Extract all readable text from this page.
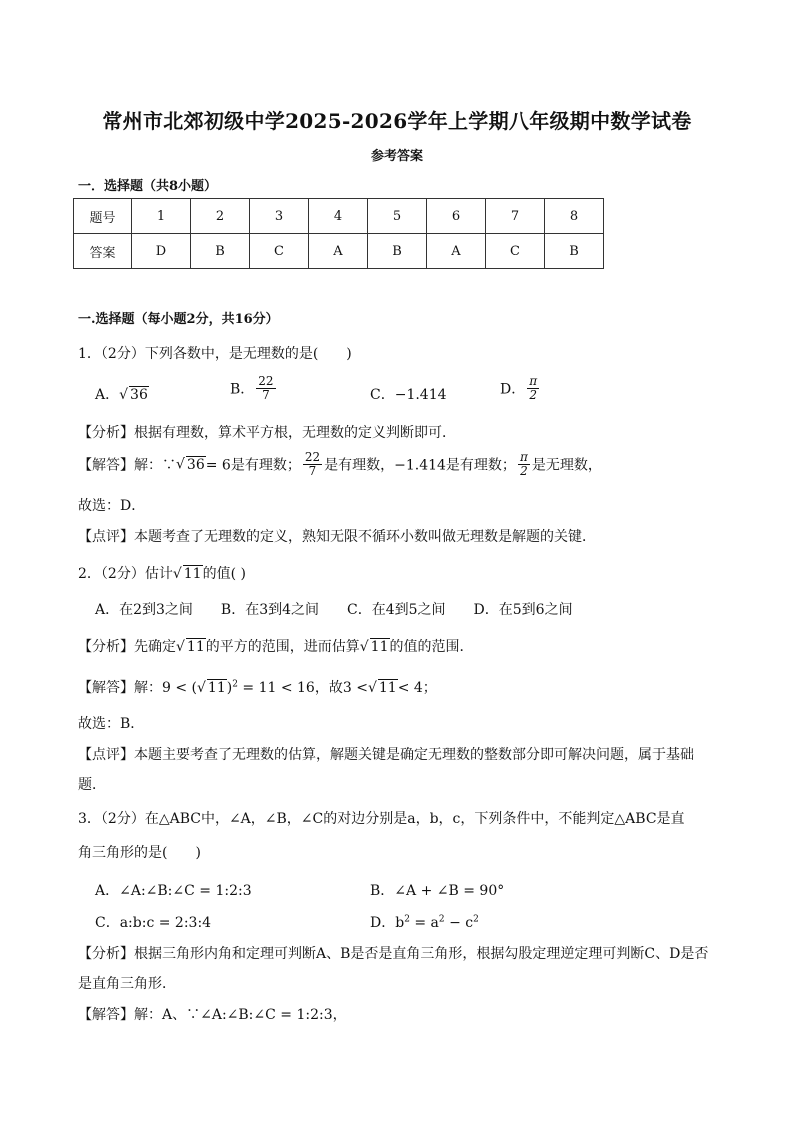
常州市北郊初级中学2025-2026学年上学期八年级期中数学试卷
参考答案
一．选择题（共8小题）
题号	1	2	3	4	5	6	7	8
答案	D	B	C	A	B	A	C	B
一.选择题（每小题2分，共16分）
1．（2分）下列各数中，是无理数的是(　　)
A．√ 36	B． $\frac{22}{7}$	C．−1.414	D． $\frac{\pi}{2}$
【分析】根据有理数，算术平方根，无理数的定义判断即可．
【解答】解：∵√ 36= 6是有理数； $\frac{22}{7}$ 是有理数，−1.414是有理数； $\frac{\pi}{2}$ 是无理数，
故选：D．
【点评】本题考查了无理数的定义，熟知无限不循环小数叫做无理数是解题的关键．
2．（2分）估计√ 11的值( )
A．在2到3之间　　B．在3到4之间　　C．在4到5之间　　D．在5到6之间
【分析】先确定√ 11的平方的范围，进而估算√ 11的值的范围．
【解答】解：9 < (√ 11)$^2$ = 11 < 16，故3 <√ 11< 4；
故选：B．
【点评】本题主要考查了无理数的估算，解题关键是确定无理数的整数部分即可解决问题，属于基础
题．
3．（2分）在△ABC中，∠A，∠B，∠C的对边分别是a，b，c，下列条件中，不能判定△ABC是直
角三角形的是(　　)
A．∠A:∠B:∠C = 1:2:3	B．∠A + ∠B = 90°
C．a:b:c = 2:3:4	D．$b^2 = a^2 - c^2$
【分析】根据三角形内角和定理可判断A、B是否是直角三角形，根据勾股定理逆定理可判断C、D是否
是直角三角形．
【解答】解：A、∵∠A:∠B:∠C = 1:2:3，
